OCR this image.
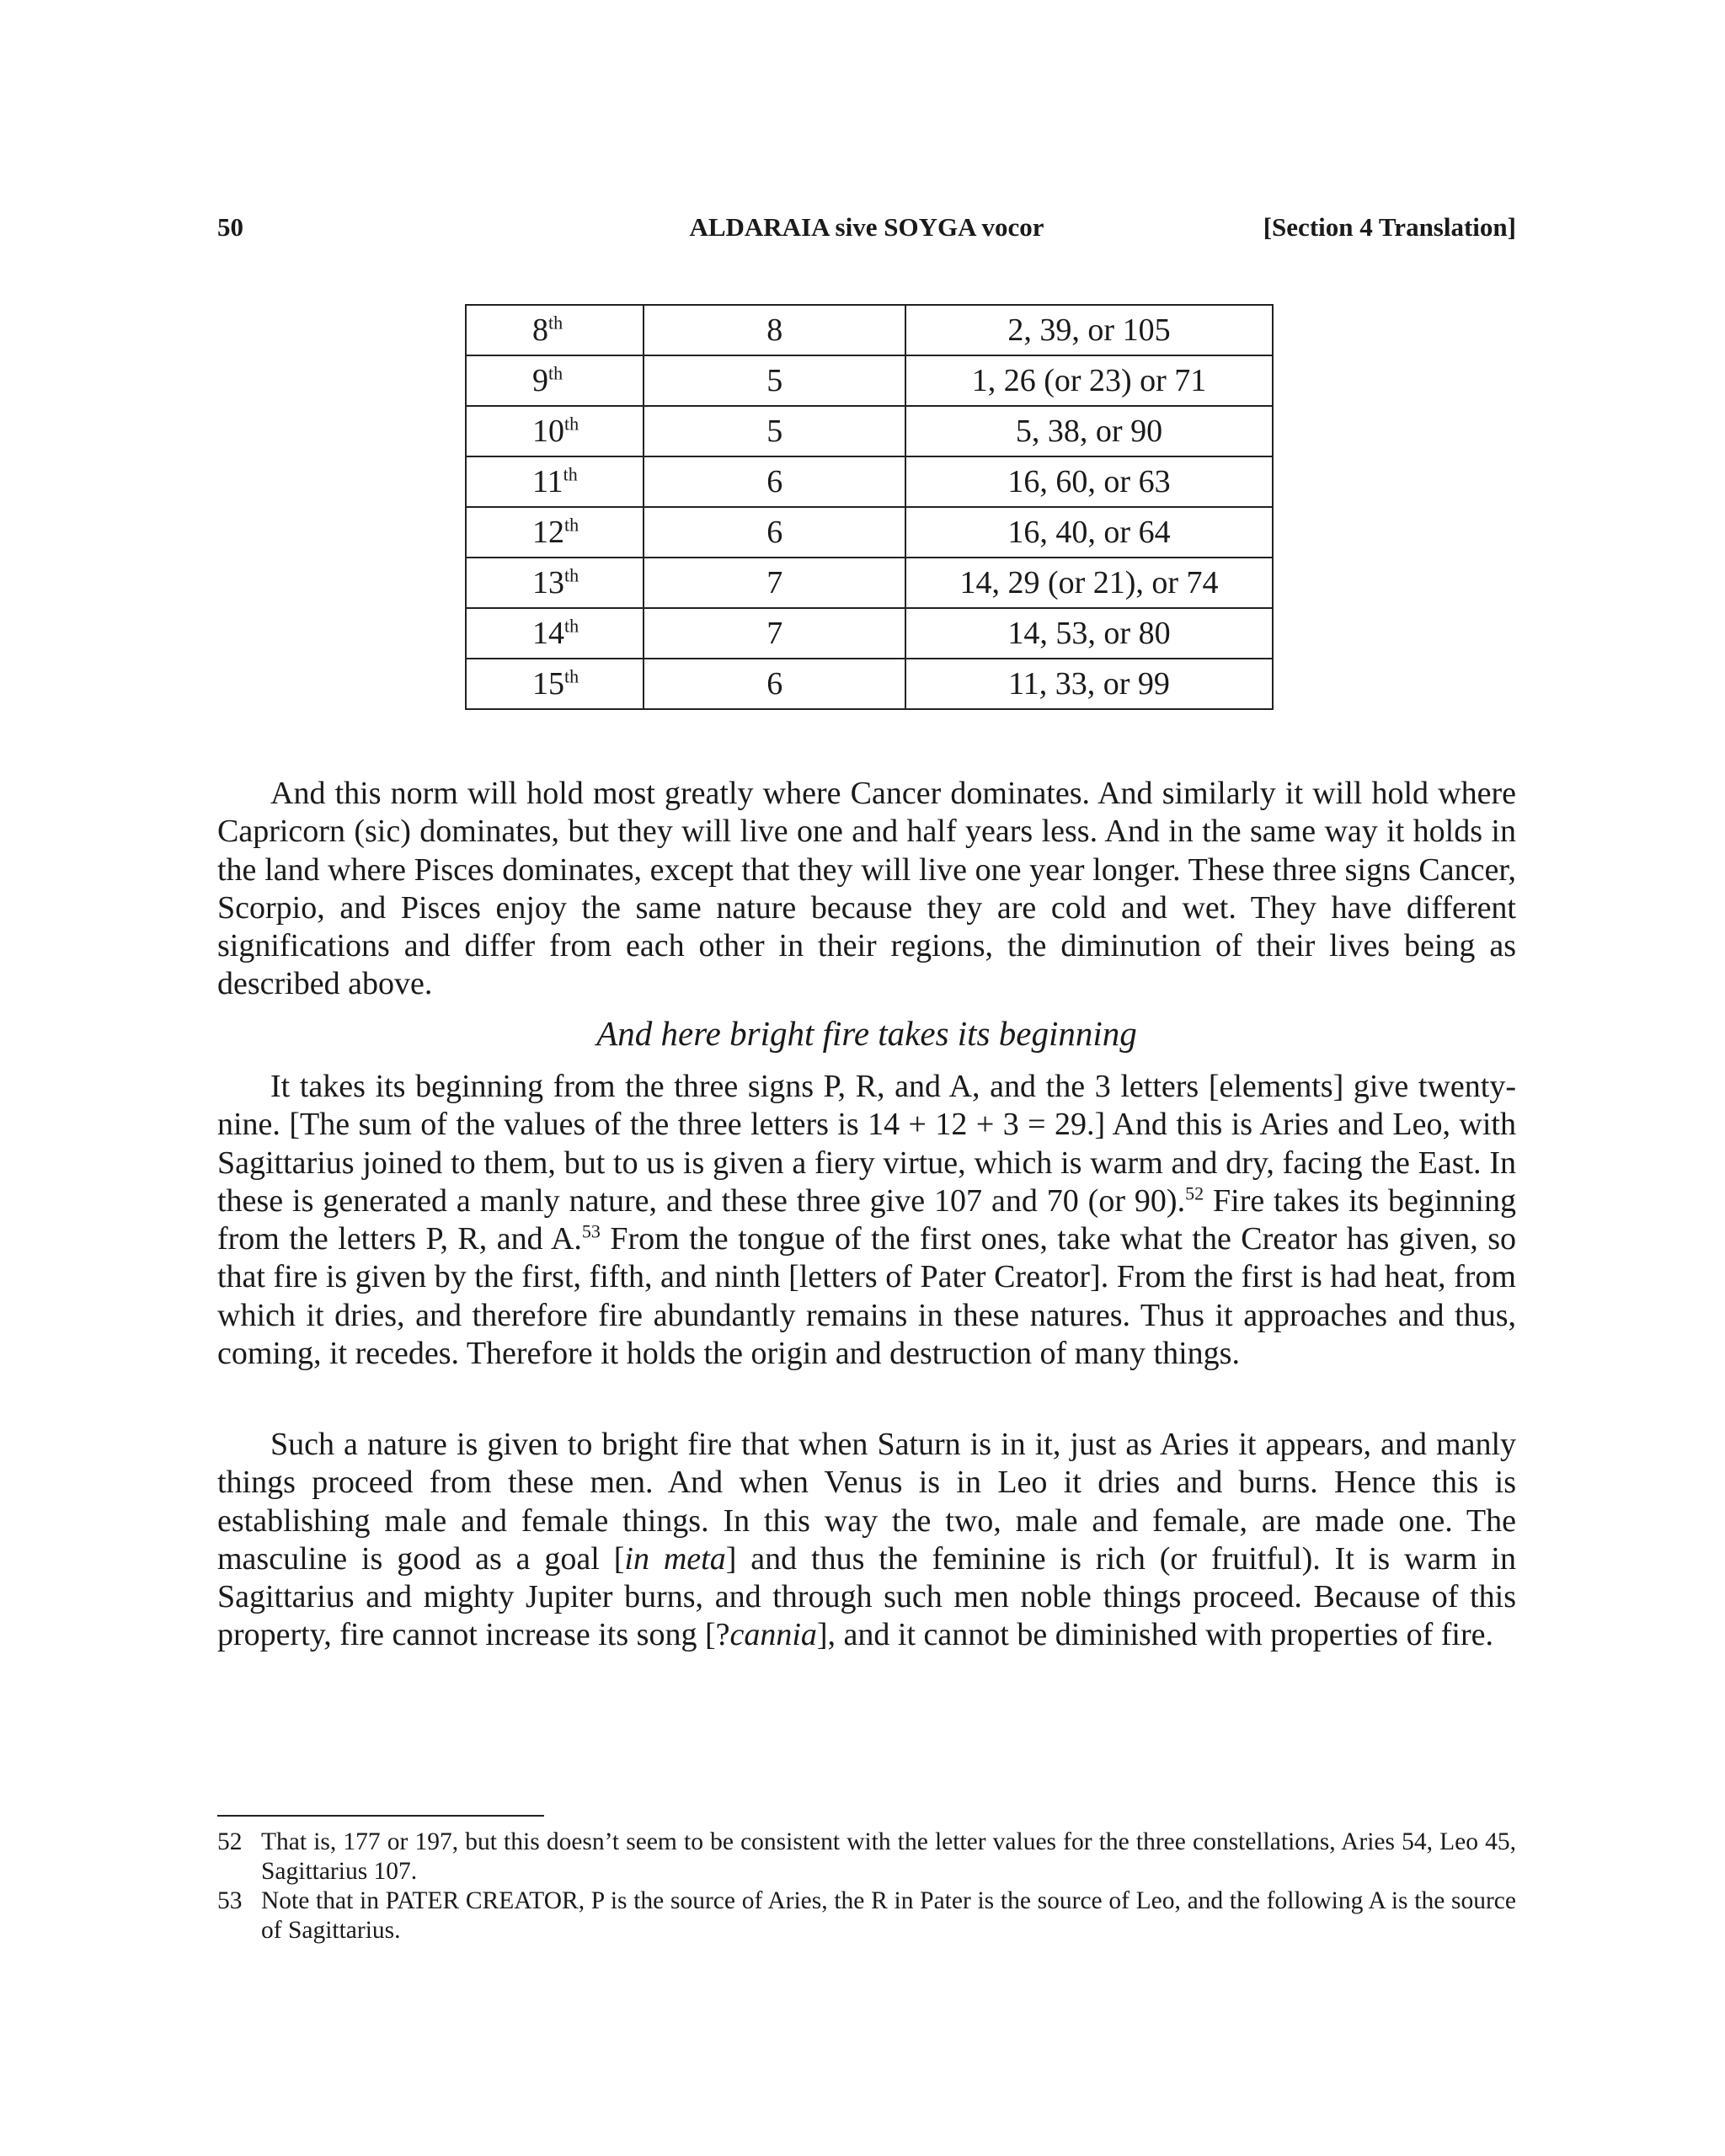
50	ALDARAIA sive SOYGA vocor	[Section 4 Translation]
8th	8	2, 39, or 105
9th	5	1, 26 (or 23) or 71
10th	5	5, 38, or 90
11th	6	16, 60, or 63
12th	6	16, 40, or 64
13th	7	14, 29 (or 21), or 74
14th	7	14, 53, or 80
15th	6	11, 33, or 99

And this norm will hold most greatly where Cancer dominates. And similarly it will hold where Capricorn (sic) dominates, but they will live one and half years less. And in the same way it holds in the land where Pisces dominates, except that they will live one year longer. These three signs Cancer, Scorpio, and Pisces enjoy the same nature because they are cold and wet. They have different significations and differ from each other in their regions, the diminution of their lives being as described above.

And here bright fire takes its beginning

It takes its beginning from the three signs P, R, and A, and the 3 letters [elements] give twenty-nine. [The sum of the values of the three letters is 14 + 12 + 3 = 29.] And this is Aries and Leo, with Sagittarius joined to them, but to us is given a fiery virtue, which is warm and dry, facing the East. In these is generated a manly nature, and these three give 107 and 70 (or 90).$^{52}$ Fire takes its beginning from the letters P, R, and A.$^{53}$ From the tongue of the first ones, take what the Creator has given, so that fire is given by the first, fifth, and ninth [letters of Pater Creator]. From the first is had heat, from which it dries, and therefore fire abundantly remains in these natures. Thus it approaches and thus, coming, it recedes. Therefore it holds the origin and destruction of many things.

Such a nature is given to bright fire that when Saturn is in it, just as Aries it appears, and manly things proceed from these men. And when Venus is in Leo it dries and burns. Hence this is establishing male and female things. In this way the two, male and female, are made one. The masculine is good as a goal [in meta] and thus the feminine is rich (or fruitful). It is warm in Sagittarius and mighty Jupiter burns, and through such men noble things proceed. Because of this property, fire cannot increase its song [?cannia], and it cannot be diminished with properties of fire.

52 That is, 177 or 197, but this doesn’t seem to be consistent with the letter values for the three constellations, Aries 54, Leo 45, Sagittarius 107.
53 Note that in PATER CREATOR, P is the source of Aries, the R in Pater is the source of Leo, and the following A is the source of Sagittarius.
